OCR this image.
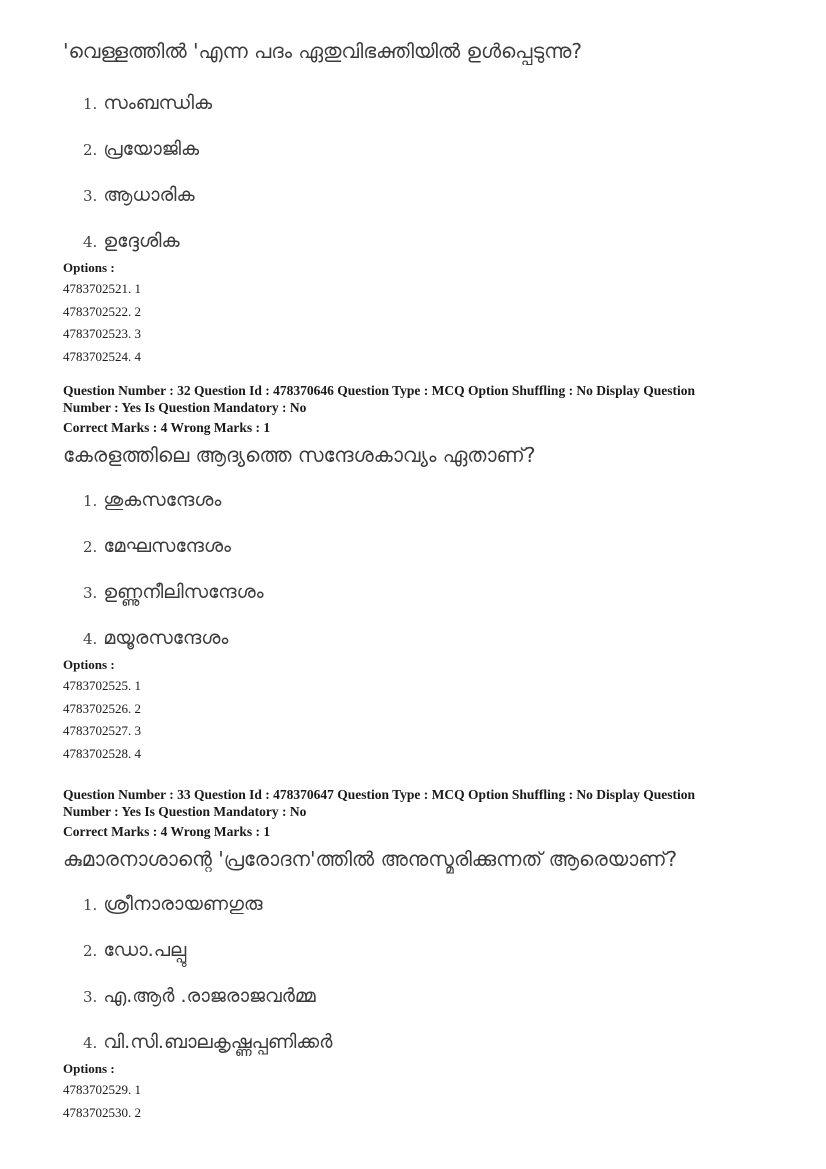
'വെള്ളത്തിൽ 'എന്ന പദം ഏതുവിഭക്തിയിൽ ഉൾപ്പെടുന്നു?
1. സംബന്ധിക
2. പ്രയോജിക
3. ആധാരിക
4. ഉദ്ദേശിക
Options :
4783702521. 1
4783702522. 2
4783702523. 3
4783702524. 4
Question Number : 32 Question Id : 478370646 Question Type : MCQ Option Shuffling : No Display Question
Number : Yes Is Question Mandatory : No
Correct Marks : 4 Wrong Marks : 1
കേരളത്തിലെ ആദ്യത്തെ സന്ദേശകാവ്യം ഏതാണ്?
1. ശുകസന്ദേശം
2. മേഘസന്ദേശം
3. ഉണ്ണുനീലിസന്ദേശം
4. മയൂരസന്ദേശം
Options :
4783702525. 1
4783702526. 2
4783702527. 3
4783702528. 4
Question Number : 33 Question Id : 478370647 Question Type : MCQ Option Shuffling : No Display Question
Number : Yes Is Question Mandatory : No
Correct Marks : 4 Wrong Marks : 1
കുമാരനാശാന്റെ 'പ്രരോദന'ത്തിൽ അനുസ്മരിക്കുന്നത് ആരെയാണ്?
1. ശ്രീനാരായണഗുരു
2. ഡോ.പല്പു
3. എ.ആർ .രാജരാജവർമ്മ
4. വി.സി.ബാലകൃഷ്ണപ്പണിക്കർ
Options :
4783702529. 1
4783702530. 2
